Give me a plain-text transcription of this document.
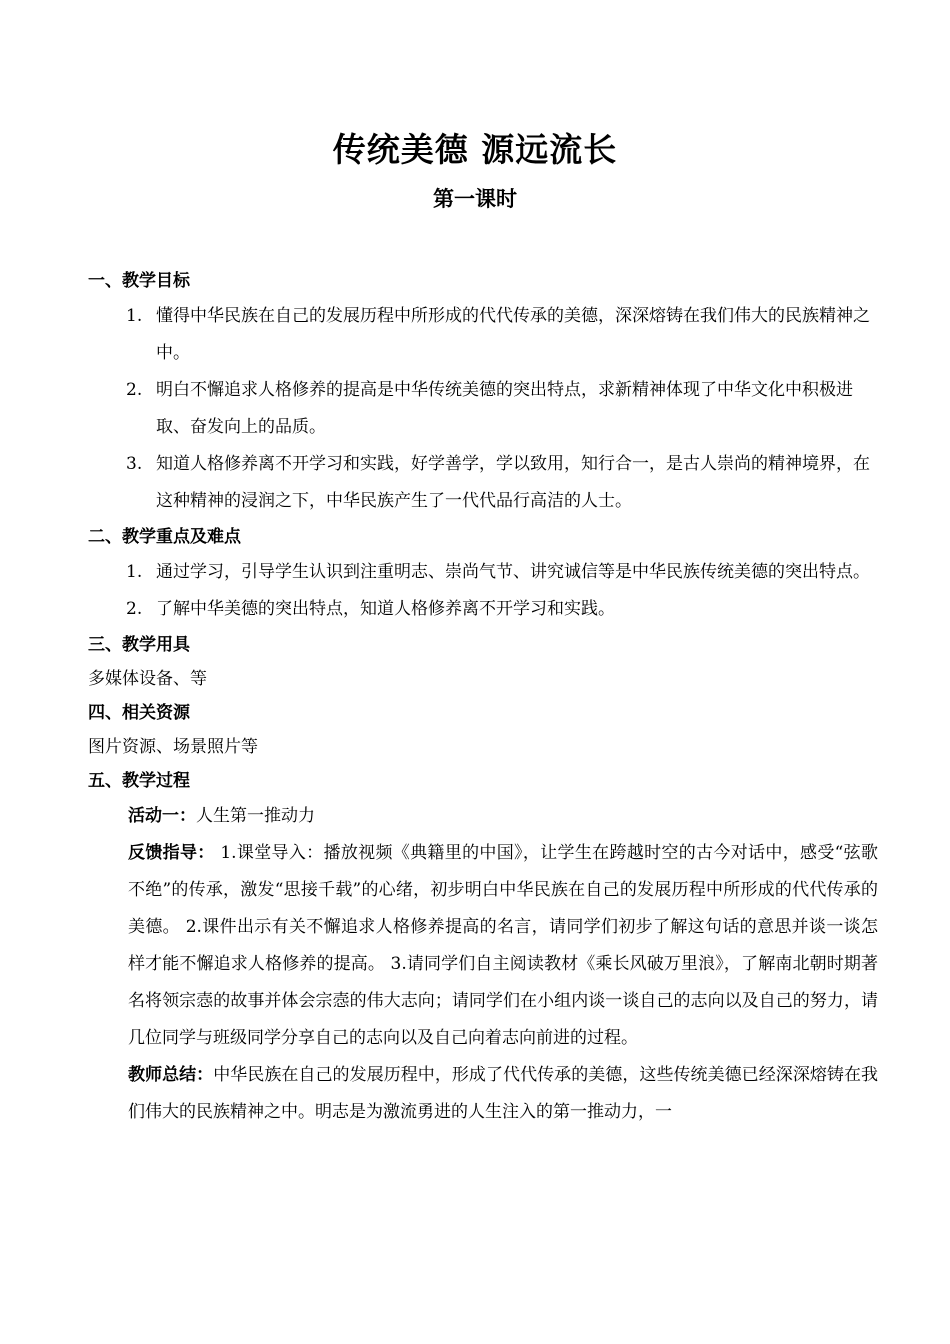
传统美德 源远流长
第一课时

一、教学目标

1. 懂得中华民族在自己的发展历程中所形成的代代传承的美德，深深熔铸在我们伟大的民族精神之中。

2. 明白不懈追求人格修养的提高是中华传统美德的突出特点，求新精神体现了中华文化中积极进取、奋发向上的品质。

3. 知道人格修养离不开学习和实践，好学善学，学以致用，知行合一，是古人崇尚的精神境界，在这种精神的浸润之下，中华民族产生了一代代品行高洁的人士。

二、教学重点及难点

1. 通过学习，引导学生认识到注重明志、崇尚气节、讲究诚信等是中华民族传统美德的突出特点。

2. 了解中华美德的突出特点，知道人格修养离不开学习和实践。

三、教学用具

多媒体设备、等

四、相关资源

图片资源、场景照片等

五、教学过程

活动一：人生第一推动力

反馈指导： 1.课堂导入：播放视频《典籍里的中国》，让学生在跨越时空的古今对话中，感受“弦歌不绝”的传承，激发“思接千载”的心绪，初步明白中华民族在自己的发展历程中所形成的代代传承的美德。 2.课件出示有关不懈追求人格修养提高的名言，请同学们初步了解这句话的意思并谈一谈怎样才能不懈追求人格修养的提高。 3.请同学们自主阅读教材《乘长风破万里浪》，了解南北朝时期著名将领宗悫的故事并体会宗悫的伟大志向；请同学们在小组内谈一谈自己的志向以及自己的努力，请几位同学与班级同学分享自己的志向以及自己向着志向前进的过程。

教师总结：中华民族在自己的发展历程中，形成了代代传承的美德，这些传统美德已经深深熔铸在我们伟大的民族精神之中。明志是为激流勇进的人生注入的第一推动力，一
